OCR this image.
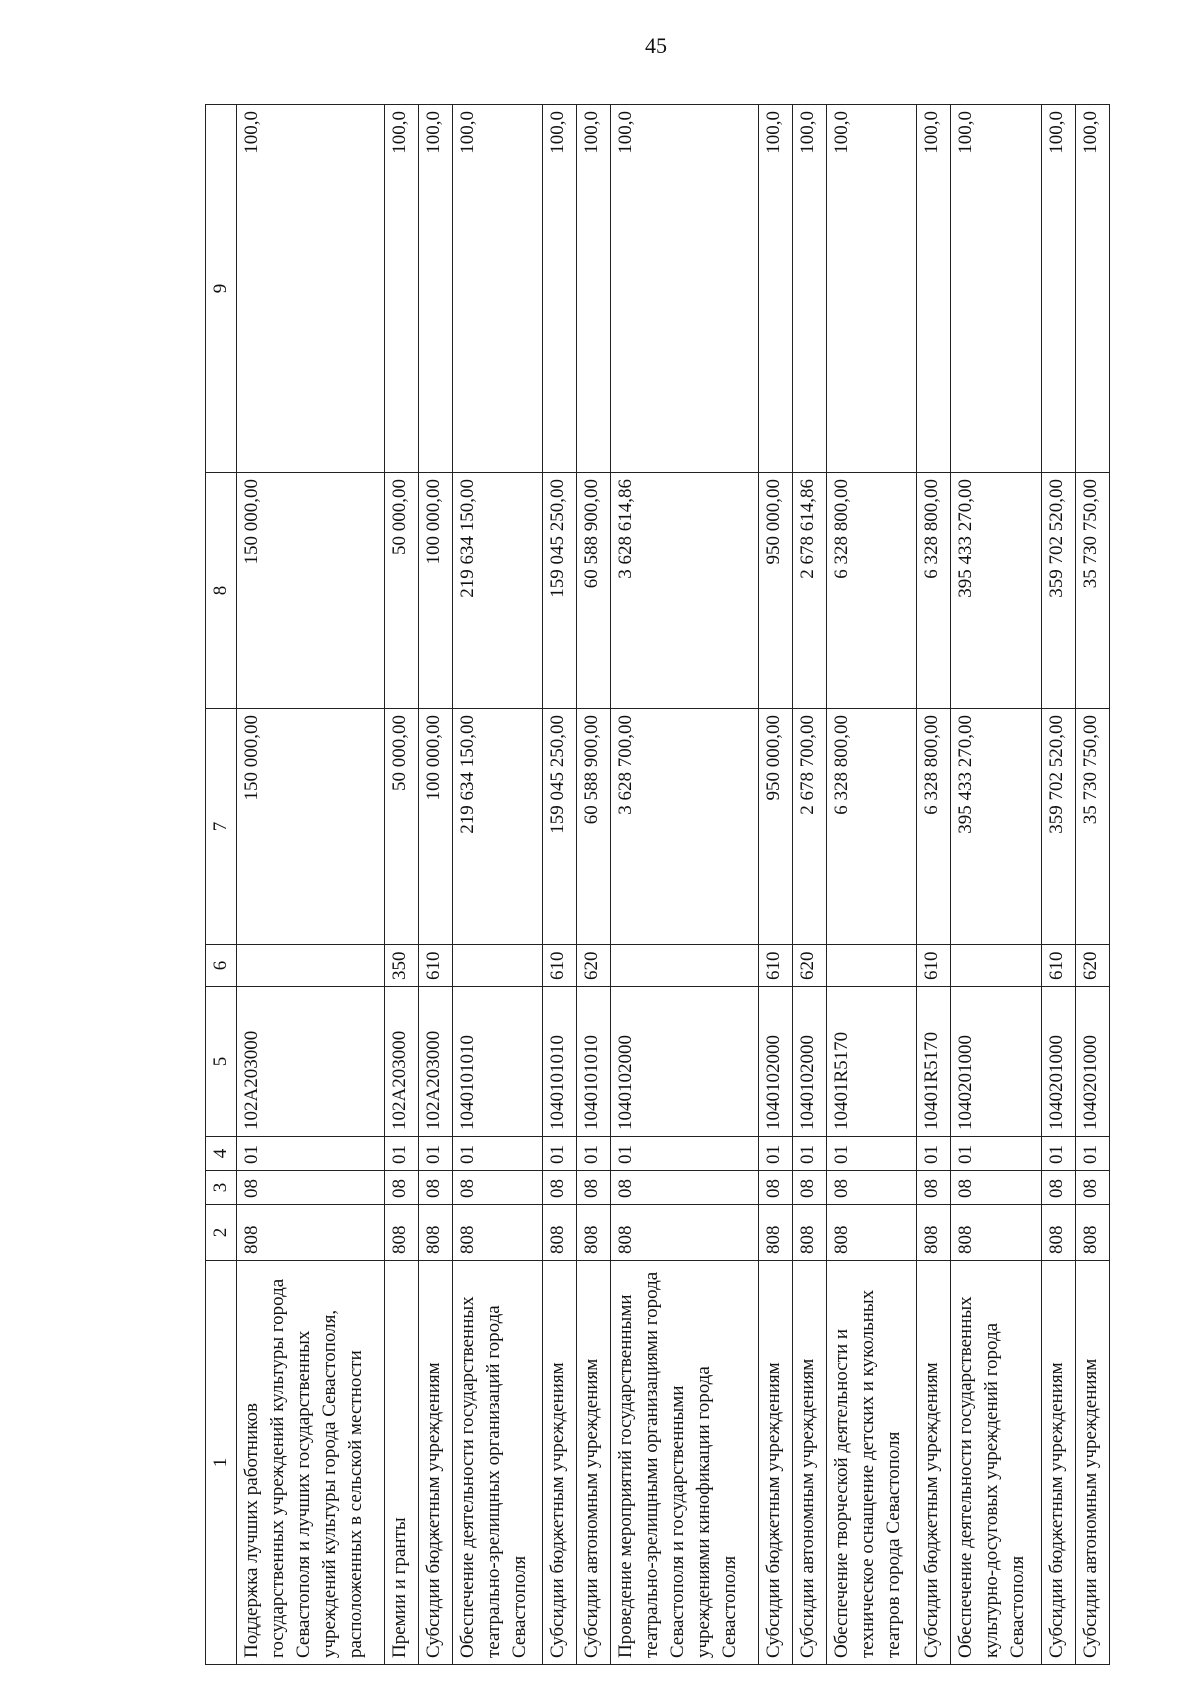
45
1	2	3	4	5	6	7	8	9
Поддержка лучших работников государственных учреждений культуры города Севастополя и лучших государственных учреждений культуры города Севастополя, расположенных в сельской местности	808	08	01	102А203000		150 000,00	150 000,00	100,0
Премии и гранты	808	08	01	102А203000	350	50 000,00	50 000,00	100,0
Субсидии бюджетным учреждениям	808	08	01	102А203000	610	100 000,00	100 000,00	100,0
Обеспечение деятельности государственных театрально-зрелищных организаций города Севастополя	808	08	01	1040101010		219 634 150,00	219 634 150,00	100,0
Субсидии бюджетным учреждениям	808	08	01	1040101010	610	159 045 250,00	159 045 250,00	100,0
Субсидии автономным учреждениям	808	08	01	1040101010	620	60 588 900,00	60 588 900,00	100,0
Проведение мероприятий государственными театрально-зрелищными организациями города Севастополя и государственными учреждениями кинофикации города Севастополя	808	08	01	1040102000		3 628 700,00	3 628 614,86	100,0
Субсидии бюджетным учреждениям	808	08	01	1040102000	610	950 000,00	950 000,00	100,0
Субсидии автономным учреждениям	808	08	01	1040102000	620	2 678 700,00	2 678 614,86	100,0
Обеспечение творческой деятельности и техническое оснащение детских и кукольных театров города Севастополя	808	08	01	10401R5170		6 328 800,00	6 328 800,00	100,0
Субсидии бюджетным учреждениям	808	08	01	10401R5170	610	6 328 800,00	6 328 800,00	100,0
Обеспечение деятельности государственных культурно-досуговых учреждений города Севастополя	808	08	01	1040201000		395 433 270,00	395 433 270,00	100,0
Субсидии бюджетным учреждениям	808	08	01	1040201000	610	359 702 520,00	359 702 520,00	100,0
Субсидии автономным учреждениям	808	08	01	1040201000	620	35 730 750,00	35 730 750,00	100,0
